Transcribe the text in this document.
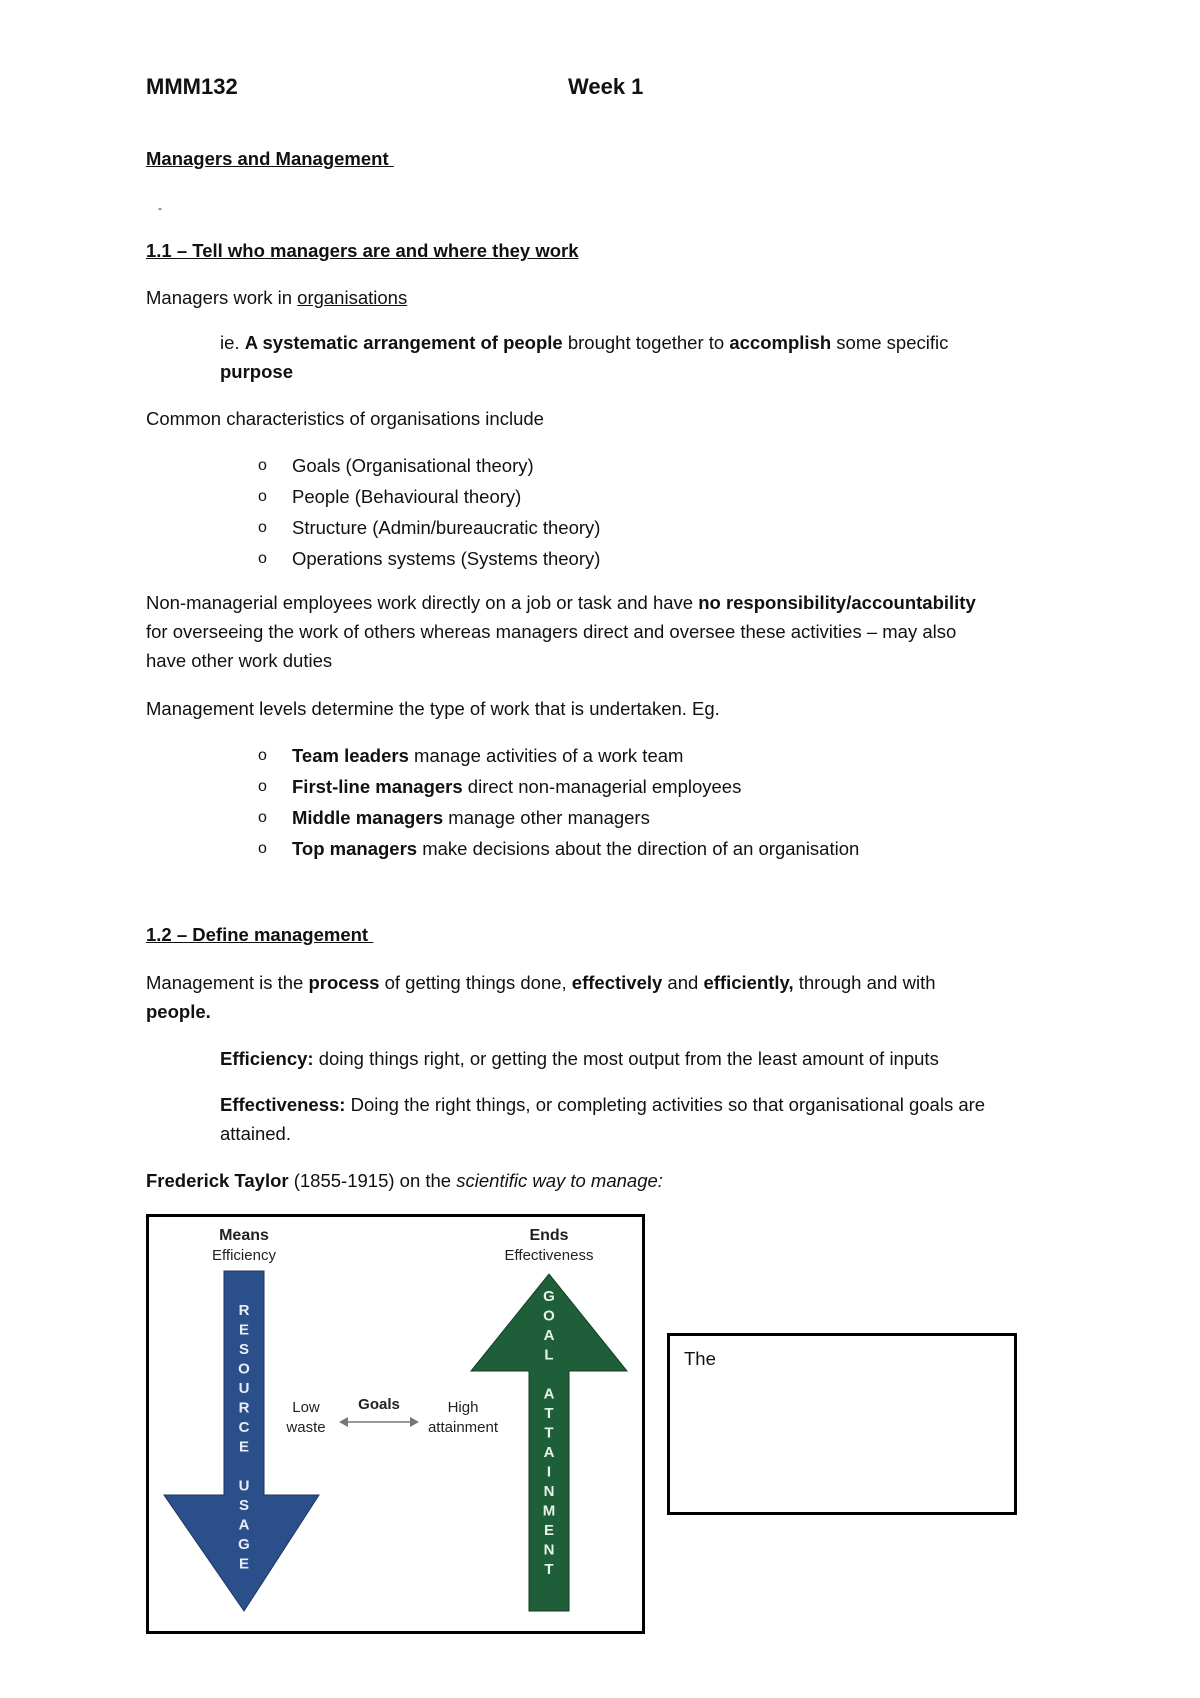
MMM132	Week 1
Managers and Management
-
1.1 – Tell who managers are and where they work
Managers work in organisations
ie. A systematic arrangement of people brought together to accomplish some specific
purpose
Common characteristics of organisations include
o Goals (Organisational theory)
o People (Behavioural theory)
o Structure (Admin/bureaucratic theory)
o Operations systems (Systems theory)
Non-managerial employees work directly on a job or task and have no responsibility/accountability
for overseeing the work of others whereas managers direct and oversee these activities – may also
have other work duties
Management levels determine the type of work that is undertaken. Eg.
o Team leaders manage activities of a work team
o First-line managers direct non-managerial employees
o Middle managers manage other managers
o Top managers make decisions about the direction of an organisation
1.2 – Define management
Management is the process of getting things done, effectively and efficiently, through and with
people.
Efficiency: doing things right, or getting the most output from the least amount of inputs
Effectiveness: Doing the right things, or completing activities so that organisational goals are
attained.
Frederick Taylor (1855-1915) on the scientific way to manage:
Means
Efficiency
Ends
Effectiveness
R
E
S
O
U
R
C
E
U
S
A
G
E
G
O
A
L
A
T
T
A
I
N
M
E
N
T
Low
waste
Goals	High
attainment
The
